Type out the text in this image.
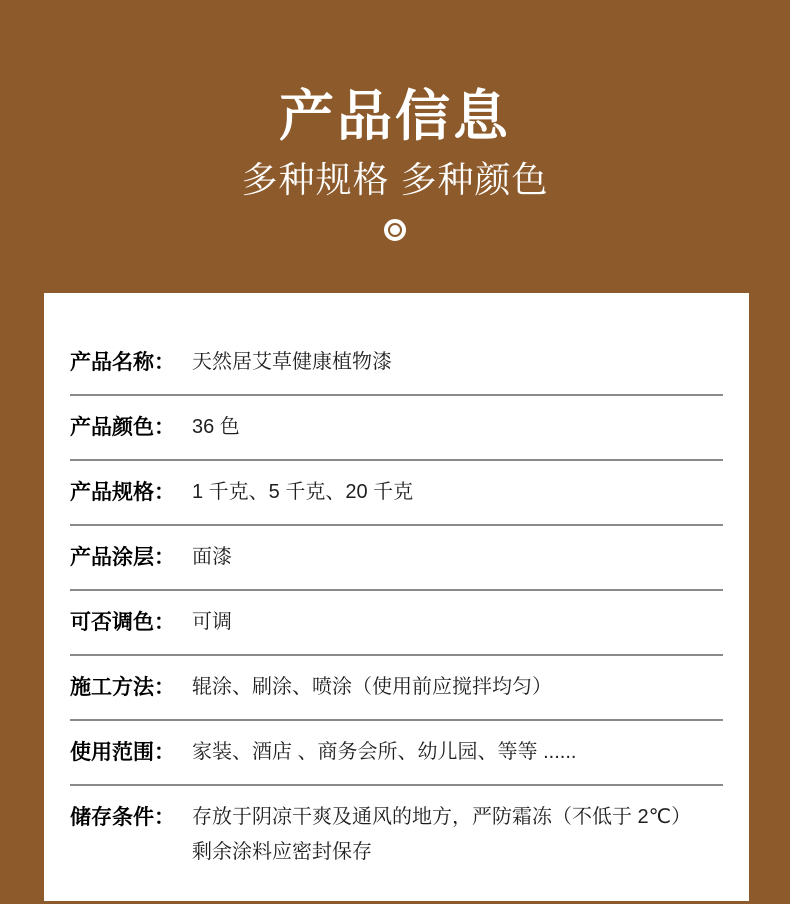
产品信息
多种规格 多种颜色
产品名称： 天然居艾草健康植物漆
产品颜色： 36 色
产品规格： 1 千克、5 千克、20 千克
产品涂层： 面漆
可否调色： 可调
施工方法： 辊涂、刷涂、喷涂（使用前应搅拌均匀）
使用范围： 家装、酒店 、商务会所、幼儿园、等等 ......
储存条件： 存放于阴凉干爽及通风的地方，严防霜冻（不低于 2℃）
剩余涂料应密封保存
